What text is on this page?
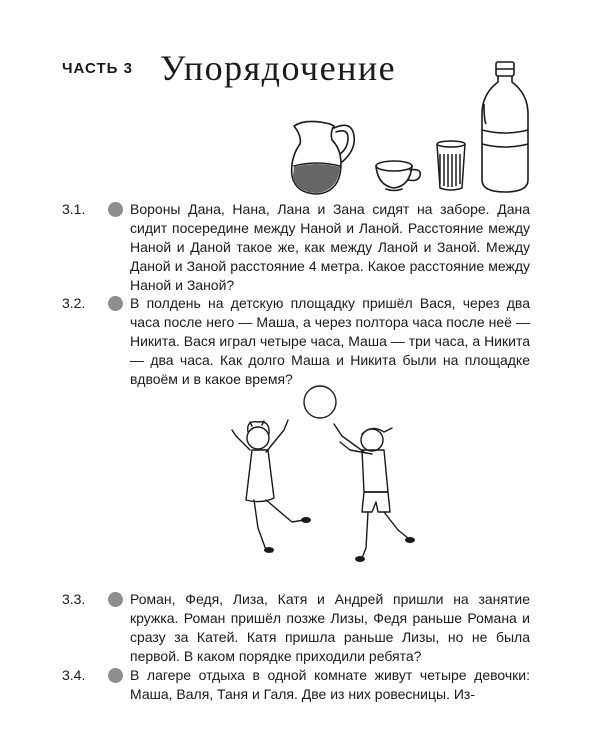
ЧАСТЬ 3 Упорядочение
3.1.	Вороны Дана, Нана, Лана и Зана сидят на заборе. Дана сидит посередине между Наной и Ланой. Расстояние между Наной и Даной такое же, как между Ланой и Заной. Между Даной и Заной расстояние 4 метра. Какое расстояние между Наной и Заной?

3.2.	В полдень на детскую площадку пришёл Вася, через два часа после него — Маша, а через полтора часа после неё — Никита. Вася играл четыре часа, Маша — три часа, а Никита — два часа. Как долго Маша и Никита были на площадке вдвоём и в какое время?

3.3.	Роман, Федя, Лиза, Катя и Андрей пришли на занятие кружка. Роман пришёл позже Лизы, Федя раньше Романа и сразу за Катей. Катя пришла раньше Лизы, но не была первой. В каком порядке приходили ребята?

3.4.	В лагере отдыха в одной комнате живут четыре девочки: Маша, Валя, Таня и Галя. Две из них ровесницы. Из-
